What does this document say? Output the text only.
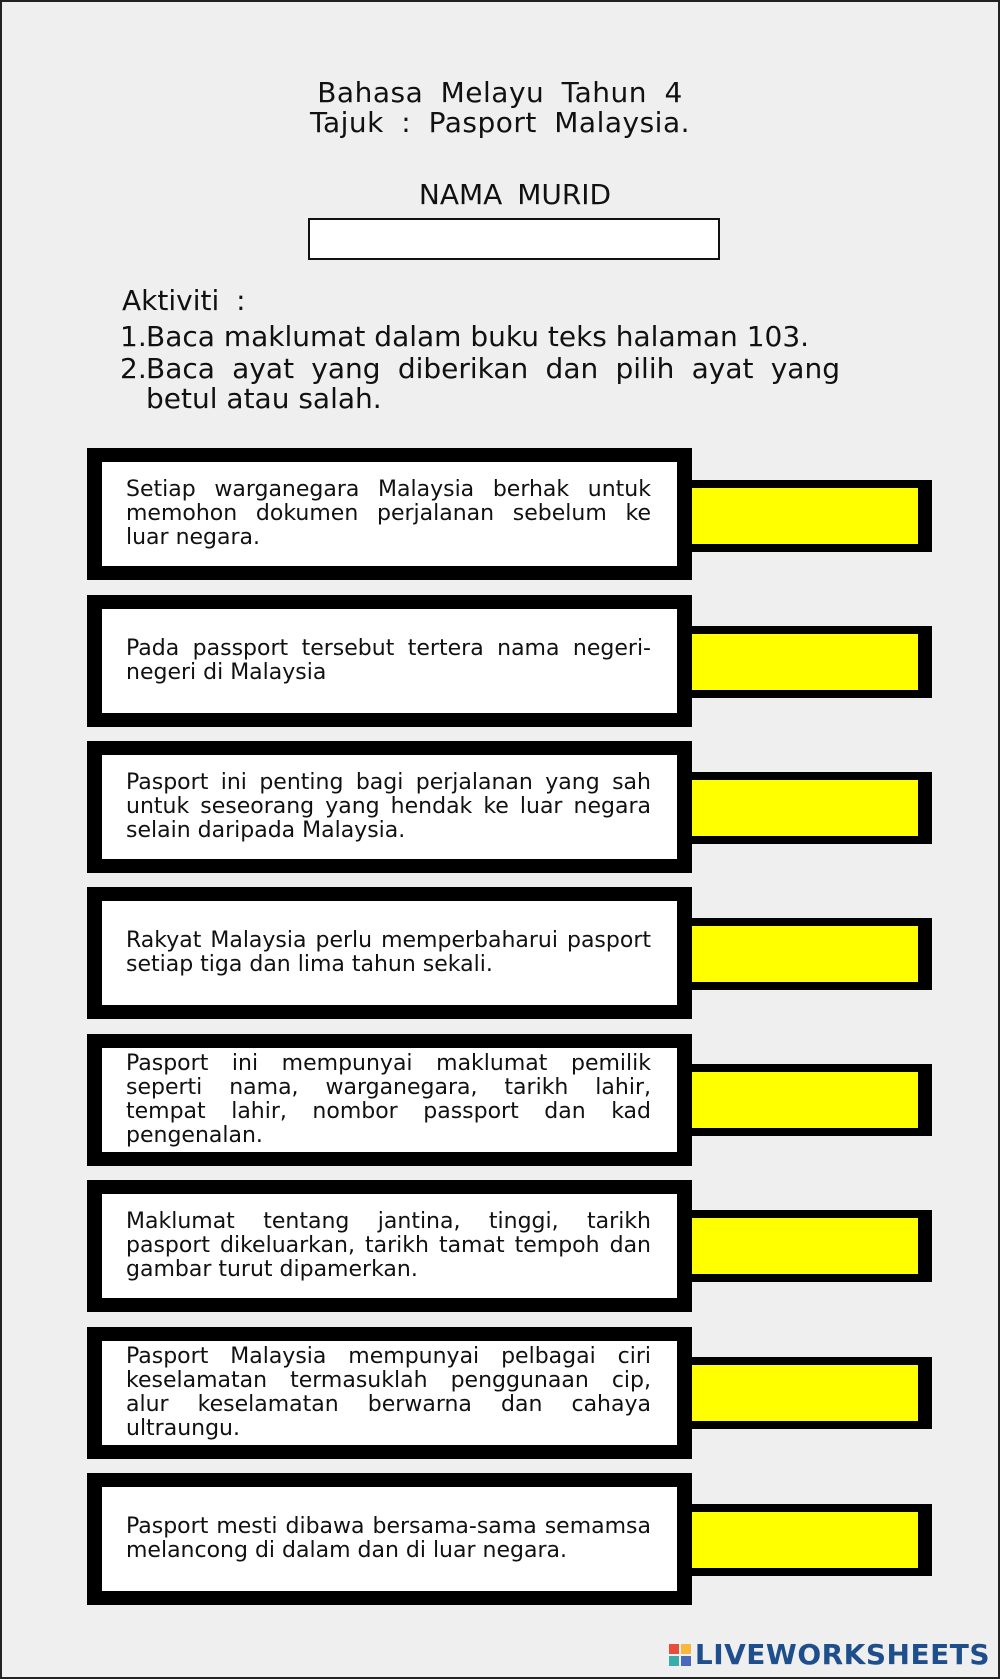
Bahasa Melayu Tahun 4
Tajuk : Pasport Malaysia.
NAMA MURID
Aktiviti :
1.Baca maklumat dalam buku teks halaman 103.
2.Baca ayat yang diberikan dan pilih ayat yang betul atau salah.
Setiap warganegara Malaysia berhak untuk memohon dokumen perjalanan sebelum ke luar negara.
Pada passport tersebut tertera nama negeri-negeri di Malaysia
Pasport ini penting bagi perjalanan yang sah untuk seseorang yang hendak ke luar negara selain daripada Malaysia.
Rakyat Malaysia perlu memperbaharui pasport setiap tiga dan lima tahun sekali.
Pasport ini mempunyai maklumat pemilik seperti nama, warganegara, tarikh lahir, tempat lahir, nombor passport dan kad pengenalan.
Maklumat tentang jantina, tinggi, tarikh pasport dikeluarkan, tarikh tamat tempoh dan gambar turut dipamerkan.
Pasport Malaysia mempunyai pelbagai ciri keselamatan termasuklah penggunaan cip, alur keselamatan berwarna dan cahaya ultraungu.
Pasport mesti dibawa bersama-sama semamsa melancong di dalam dan di luar negara.
LIVEWORKSHEETS
